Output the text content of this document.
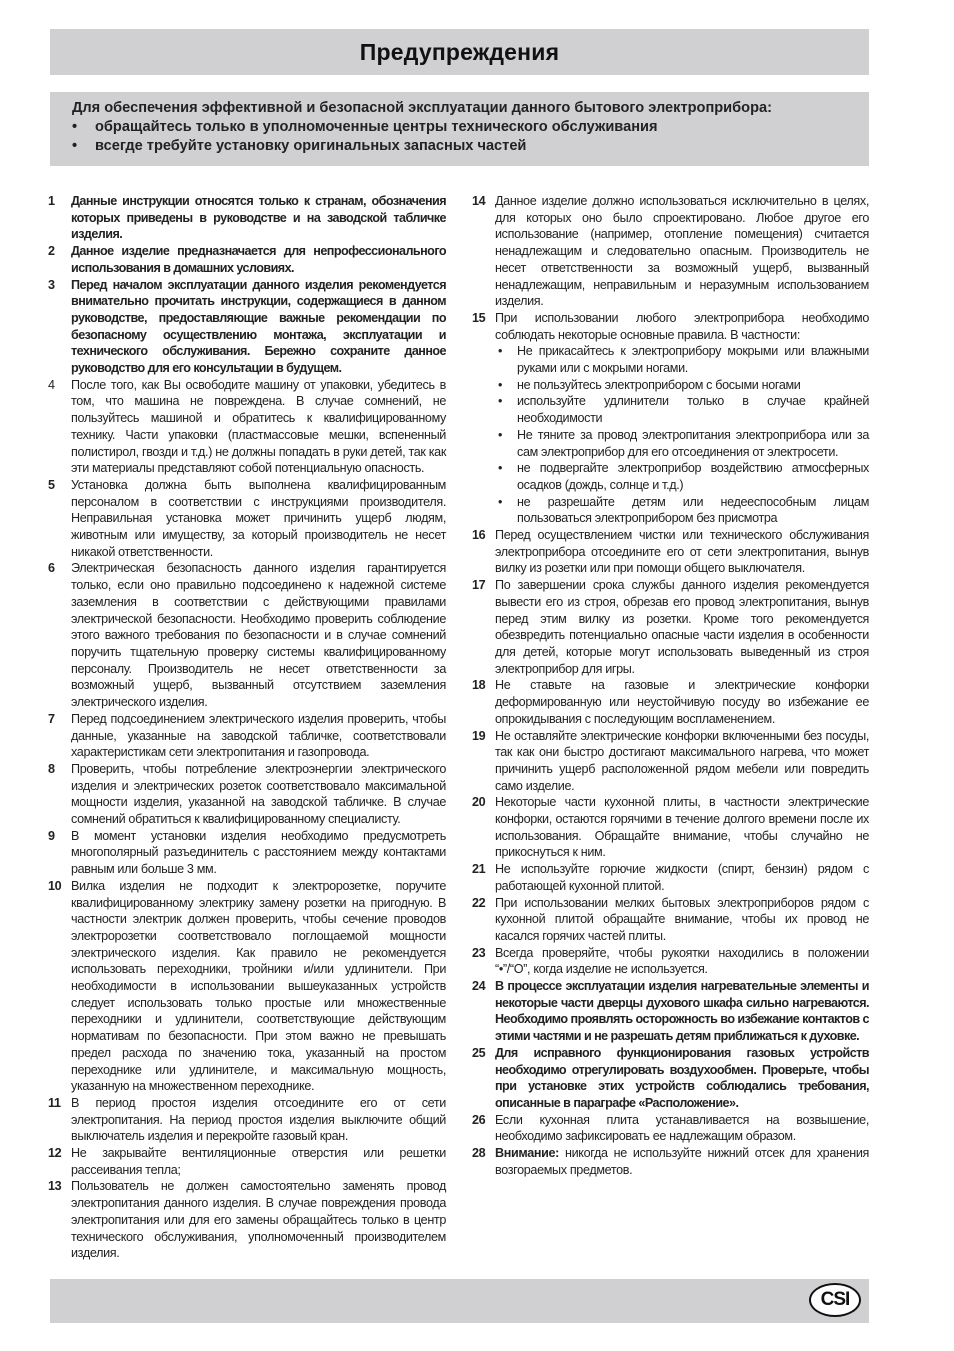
Предупреждения
Для обеспечения эффективной и безопасной эксплуатации данного бытового электроприбора:
• обращайтесь только в уполномоченные центры технического обслуживания
• всегде требуйте установку оригинальных запасных частей
1	Данные инструкции относятся только к странам, обозначения которых приведены в руководстве и на заводской табличке изделия.
2	Данное изделие предназначается для непрофессионального использования в домашних условиях.
3	Перед началом эксплуатации данного изделия рекомендуется внимательно прочитать инструкции, содержащиеся в данном руководстве, предоставляющие важные рекомендации по безопасному осуществлению монтажа, эксплуатации и технического обслуживания. Бережно сохраните данное руководство для его консультации в будущем.
4	После того, как Вы освободите машину от упаковки, убедитесь в том, что машина не повреждена. В случае сомнений, не пользуйтесь машиной и обратитесь к квалифицированному технику. Части упаковки (пластмассовые мешки, вспененный полистирол, гвозди и т.д.) не должны попадать в руки детей, так как эти материалы представляют собой потенциальную опасность.
5	Установка должна быть выполнена квалифицированным персоналом в соответствии с инструкциями производителя. Неправильная установка может причинить ущерб людям, животным или имуществу, за который производитель не несет никакой ответственности.
6	Электрическая безопасность данного изделия гарантируется только, если оно правильно подсоединено к надежной системе заземления в соответствии с действующими правилами электрической безопасности. Необходимо проверить соблюдение этого важного требования по безопасности и в случае сомнений поручить тщательную проверку системы квалифицированному персоналу. Производитель не несет ответственности за возможный ущерб, вызванный отсутствием заземления электрического изделия.
7	Перед подсоединением электрического изделия проверить, чтобы данные, указанные на заводской табличке, соответствовали характеристикам сети электропитания и газопровода.
8	Проверить, чтобы потребление электроэнергии электрического изделия и электрических розеток соответствовало максимальной мощности изделия, указанной на заводской табличке. В случае сомнений обратиться к квалифицированному специалисту.
9	В момент установки изделия необходимо предусмотреть многополярный разъединитель с расстоянием между контактами равным или больше 3 мм.
10 Вилка изделия не подходит к электророзетке, поручите квалифицированному электрику замену розетки на пригодную. В частности электрик должен проверить, чтобы сечение проводов электророзетки соответствовало поглощаемой мощности электрического изделия. Как правило не рекомендуется использовать переходники, тройники и/или удлинители. При необходимости в использовании вышеуказанных устройств следует использовать только простые или множественные переходники и удлинители, соответствующие действующим нормативам по безопасности. При этом важно не превышать предел расхода по значению тока, указанный на простом переходнике или удлинителе, и максимальную мощность, указанную на множественном переходнике.
11 В период простоя изделия отсоедините его от сети электропитания. На период простоя изделия выключите общий выключатель изделия и перекройте газовый кран.
12 Не закрывайте вентиляционные отверстия или решетки рассеивания тепла;
13 Пользователь не должен самостоятельно заменять провод электропитания данного изделия. В случае повреждения провода электропитания или для его замены обращайтесь только в центр технического обслуживания, уполномоченный производителем изделия.
14 Данное изделие должно использоваться исключительно в целях, для которых оно было спроектировано. Любое другое его использование (например, отопление помещения) считается ненадлежащим и следовательно опасным. Производитель не несет ответственности за возможный ущерб, вызванный ненадлежащим, неправильным и неразумным использованием изделия.
15 При использовании любого электроприбора необходимо соблюдать некоторые основные правила. В частности:
•	Не прикасайтесь к электроприбору мокрыми или влажными руками или с мокрыми ногами.
•	не пользуйтесь электроприбором с босыми ногами
•	используйте удлинители только в случае крайней необходимости
•	Не тяните за провод электропитания электроприбора или за сам электроприбор для его отсоединения от электросети.
•	не подвергайте электроприбор воздействию атмосферных осадков (дождь, солнце и т.д.)
•	не разрешайте детям или недееспособным лицам пользоваться электроприбором без присмотра
16 Перед осуществлением чистки или технического обслуживания электроприбора отсоедините его от сети электропитания, вынув вилку из розетки или при помощи общего выключателя.
17 По завершении срока службы данного изделия рекомендуется вывести его из строя, обрезав его провод электропитания, вынув перед этим вилку из розетки. Кроме того рекомендуется обезвредить потенциально опасные части изделия в особенности для детей, которые могут использовать выведенный из строя электроприбор для игры.
18 Не ставьте на газовые и электрические конфорки деформированную или неустойчивую посуду во избежание ее опрокидывания с последующим воспламенением.
19 Не оставляйте электрические конфорки включенными без посуды, так как они быстро достигают максимального нагрева, что может причинить ущерб расположенной рядом мебели или повредить само изделие.
20 Некоторые части кухонной плиты, в частности электрические конфорки, остаются горячими в течение долгого времени после их использования. Обращайте внимание, чтобы случайно не прикоснуться к ним.
21 Не используйте горючие жидкости (спирт, бензин) рядом с работающей кухонной плитой.
22 При использовании мелких бытовых электроприборов рядом с кухонной плитой обращайте внимание, чтобы их провод не касался горячих частей плиты.
23 Всегда проверяйте, чтобы рукоятки находились в положении “•”/“O”, когда изделие не используется.
24 В процессе эксплуатации изделия нагревательные элементы и некоторые части дверцы духового шкафа сильно нагреваются. Необходимо проявлять осторожность во избежание контактов с этими частями и не разрешать детям приближаться к духовке.
25 Для исправного функционирования газовых устройств необходимо отрегулировать воздухообмен. Проверьте, чтобы при установке этих устройств соблюдались требования, описанные в параграфе «Расположение».
26 Если кухонная плита устанавливается на возвышение, необходимо зафиксировать ее надлежащим образом.
28 Внимание: никогда не используйте нижний отсек для хранения возгораемых предметов.
CSI
